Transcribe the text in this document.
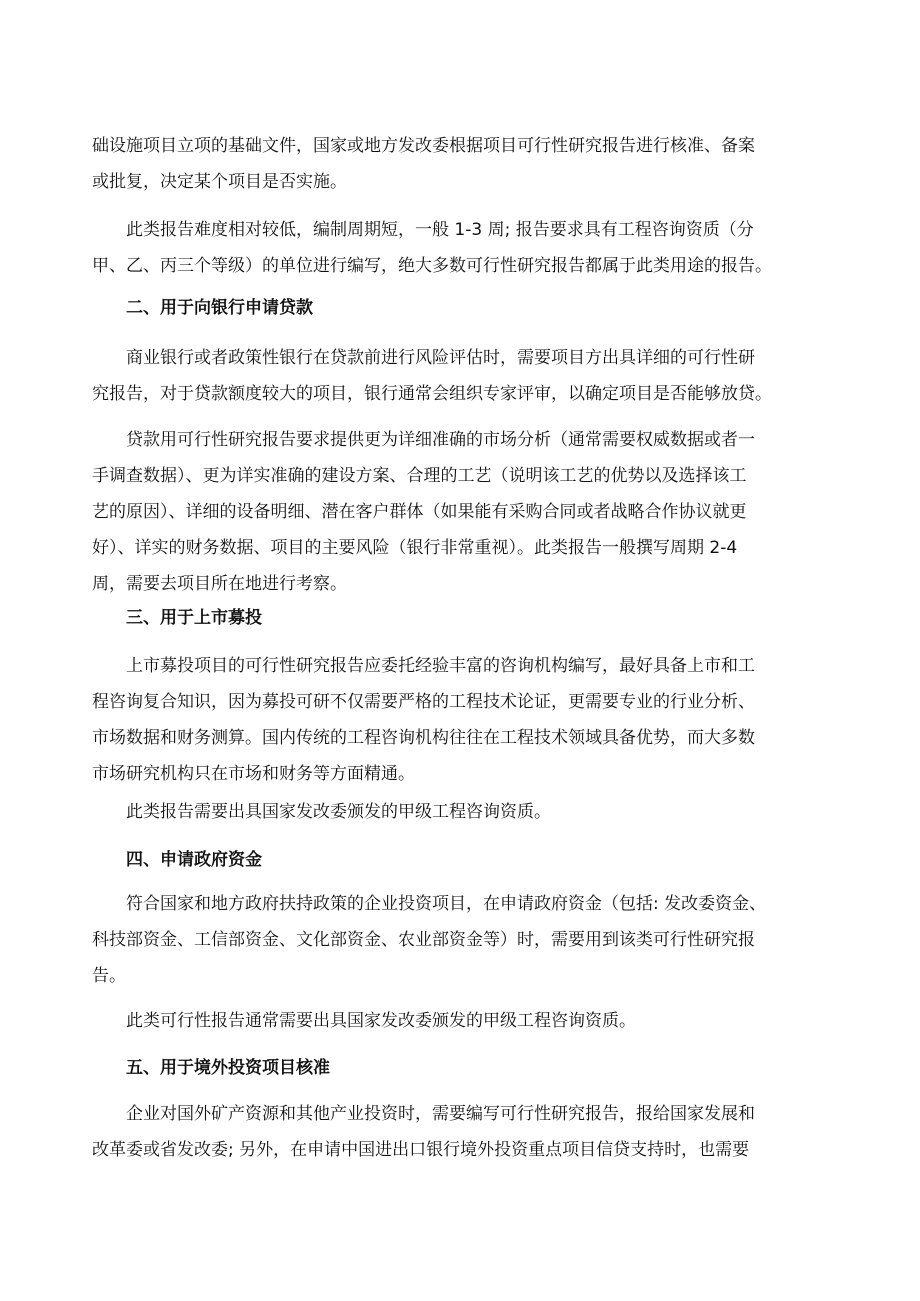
础设施项目立项的基础文件，国家或地方发改委根据项目可行性研究报告进行核准、备案
或批复，决定某个项目是否实施。
　　此类报告难度相对较低，编制周期短，一般 1-3 周; 报告要求具有工程咨询资质（分
甲、乙、丙三个等级）的单位进行编写，绝大多数可行性研究报告都属于此类用途的报告。
　　二、用于向银行申请贷款
　　商业银行或者政策性银行在贷款前进行风险评估时，需要项目方出具详细的可行性研
究报告，对于贷款额度较大的项目，银行通常会组织专家评审，以确定项目是否能够放贷。
　　贷款用可行性研究报告要求提供更为详细准确的市场分析（通常需要权威数据或者一
手调查数据）、更为详实准确的建设方案、合理的工艺（说明该工艺的优势以及选择该工
艺的原因）、详细的设备明细、潜在客户群体（如果能有采购合同或者战略合作协议就更
好）、详实的财务数据、项目的主要风险（银行非常重视）。此类报告一般撰写周期 2-4
周，需要去项目所在地进行考察。
　　三、用于上市募投
　　上市募投项目的可行性研究报告应委托经验丰富的咨询机构编写，最好具备上市和工
程咨询复合知识，因为募投可研不仅需要严格的工程技术论证，更需要专业的行业分析、
市场数据和财务测算。国内传统的工程咨询机构往往在工程技术领域具备优势，而大多数
市场研究机构只在市场和财务等方面精通。
　　此类报告需要出具国家发改委颁发的甲级工程咨询资质。
　　四、申请政府资金
　　符合国家和地方政府扶持政策的企业投资项目，在申请政府资金（包括: 发改委资金、
科技部资金、工信部资金、文化部资金、农业部资金等）时，需要用到该类可行性研究报
告。
　　此类可行性报告通常需要出具国家发改委颁发的甲级工程咨询资质。
　　五、用于境外投资项目核准
　　企业对国外矿产资源和其他产业投资时，需要编写可行性研究报告，报给国家发展和
改革委或省发改委; 另外，在申请中国进出口银行境外投资重点项目信贷支持时，也需要
